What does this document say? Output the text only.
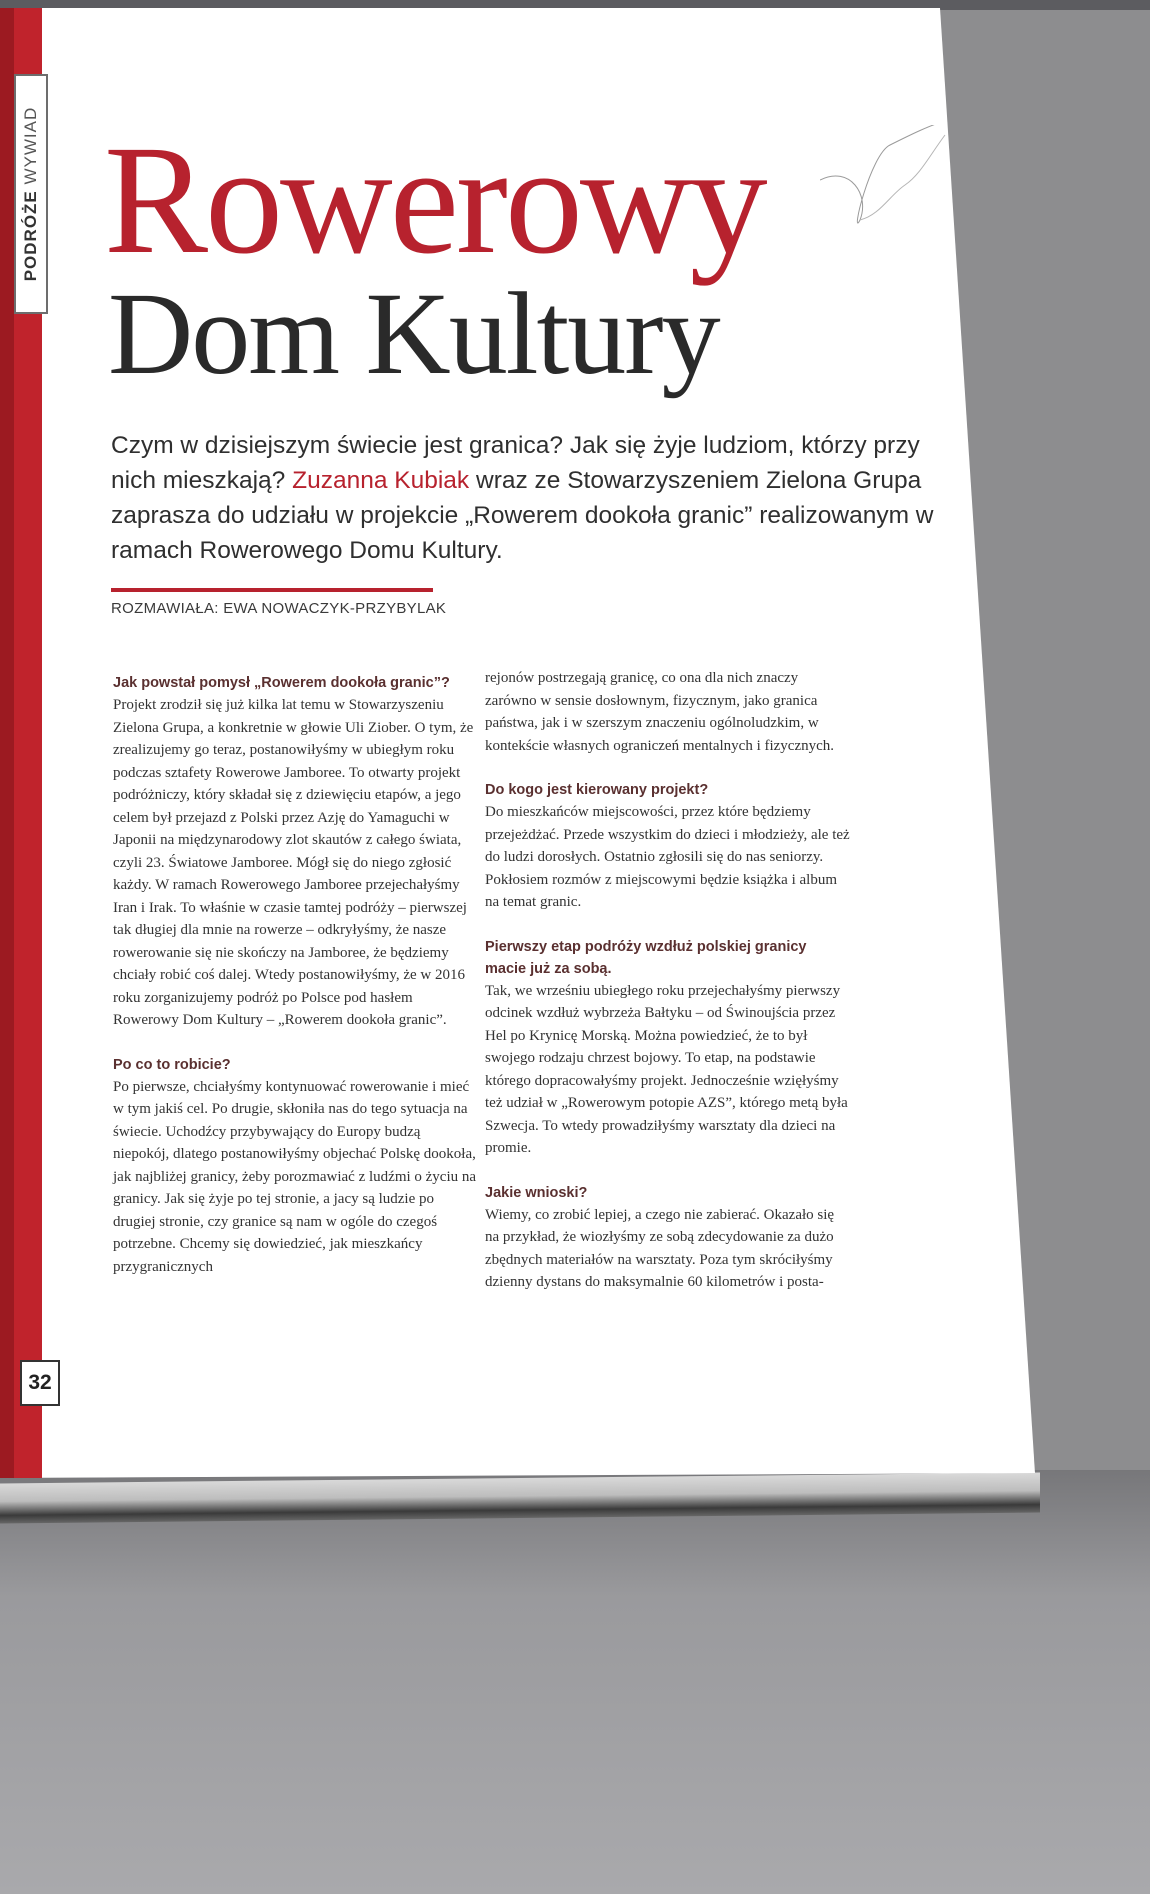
PODRÓŻE WYWIAD Rowerowy
Dom Kultury

Czym w dzisiejszym świecie jest granica? Jak się żyje ludziom, którzy przy nich mieszkają? Zuzanna Kubiak wraz ze Stowarzyszeniem Zielona Grupa zaprasza do udziału w projekcie „Rowerem dookoła granic” realizowanym w ramach Rowerowego Domu Kultury.

ROZMAWIAŁA: EWA NOWACZYK-PRZYBYLAK

Jak powstał pomysł „Rowerem dookoła granic”?

Projekt zrodził się już kilka lat temu w Stowarzyszeniu Zielona Grupa, a konkretnie w głowie Uli Ziober. O tym, że zrealizujemy go teraz, postanowiłyśmy w ubiegłym roku podczas sztafety Rowerowe Jamboree. To otwarty projekt podróżniczy, który składał się z dziewięciu etapów, a jego celem był przejazd z Polski przez Azję do Yamaguchi w Japonii na międzynarodowy zlot skautów z całego świata, czyli 23. Światowe Jamboree. Mógł się do niego zgłosić każdy. W ramach Rowerowego Jamboree przejechałyśmy Iran i Irak. To właśnie w czasie tamtej podróży – pierwszej tak długiej dla mnie na rowerze – odkryłyśmy, że nasze rowerowanie się nie skończy na Jamboree, że będziemy chciały robić coś dalej. Wtedy postanowiłyśmy, że w 2016 roku zorganizujemy podróż po Polsce pod hasłem Rowerowy Dom Kultury – „Rowerem dookoła granic”.

Po co to robicie?

Po pierwsze, chciałyśmy kontynuować rowerowanie i mieć w tym jakiś cel. Po drugie, skłoniła nas do tego sytuacja na świecie. Uchodźcy przybywający do Europy budzą niepokój, dlatego postanowiłyśmy objechać Polskę dookoła, jak najbliżej granicy, żeby porozmawiać z ludźmi o życiu na granicy. Jak się żyje po tej stronie, a jacy są ludzie po drugiej stronie, czy granice są nam w ogóle do czegoś potrzebne. Chcemy się dowiedzieć, jak mieszkańcy przygranicznych

rejonów postrzegają granicę, co ona dla nich znaczy zarówno w sensie dosłownym, fizycznym, jako granica państwa, jak i w szerszym znaczeniu ogólnoludzkim, w kontekście własnych ograniczeń mentalnych i fizycznych.

Do kogo jest kierowany projekt?

Do mieszkańców miejscowości, przez które będziemy przejeżdżać. Przede wszystkim do dzieci i młodzieży, ale też do ludzi dorosłych. Ostatnio zgłosili się do nas seniorzy. Pokłosiem rozmów z miejscowymi będzie książka i album na temat granic.

Pierwszy etap podróży wzdłuż polskiej granicy macie już za sobą.

Tak, we wrześniu ubiegłego roku przejechałyśmy pierwszy odcinek wzdłuż wybrzeża Bałtyku – od Świnoujścia przez Hel po Krynicę Morską. Można powiedzieć, że to był swojego rodzaju chrzest bojowy. To etap, na podstawie którego dopracowałyśmy projekt. Jednocześnie wzięłyśmy też udział w „Rowerowym potopie AZS”, którego metą była Szwecja. To wtedy prowadziłyśmy warsztaty dla dzieci na promie.

Jakie wnioski?

Wiemy, co zrobić lepiej, a czego nie zabierać. Okazało się na przykład, że wiozłyśmy ze sobą zdecydowanie za dużo zbędnych materiałów na warsztaty. Poza tym skróciłyśmy dzienny dystans do maksymalnie 60 kilometrów i posta-

32
